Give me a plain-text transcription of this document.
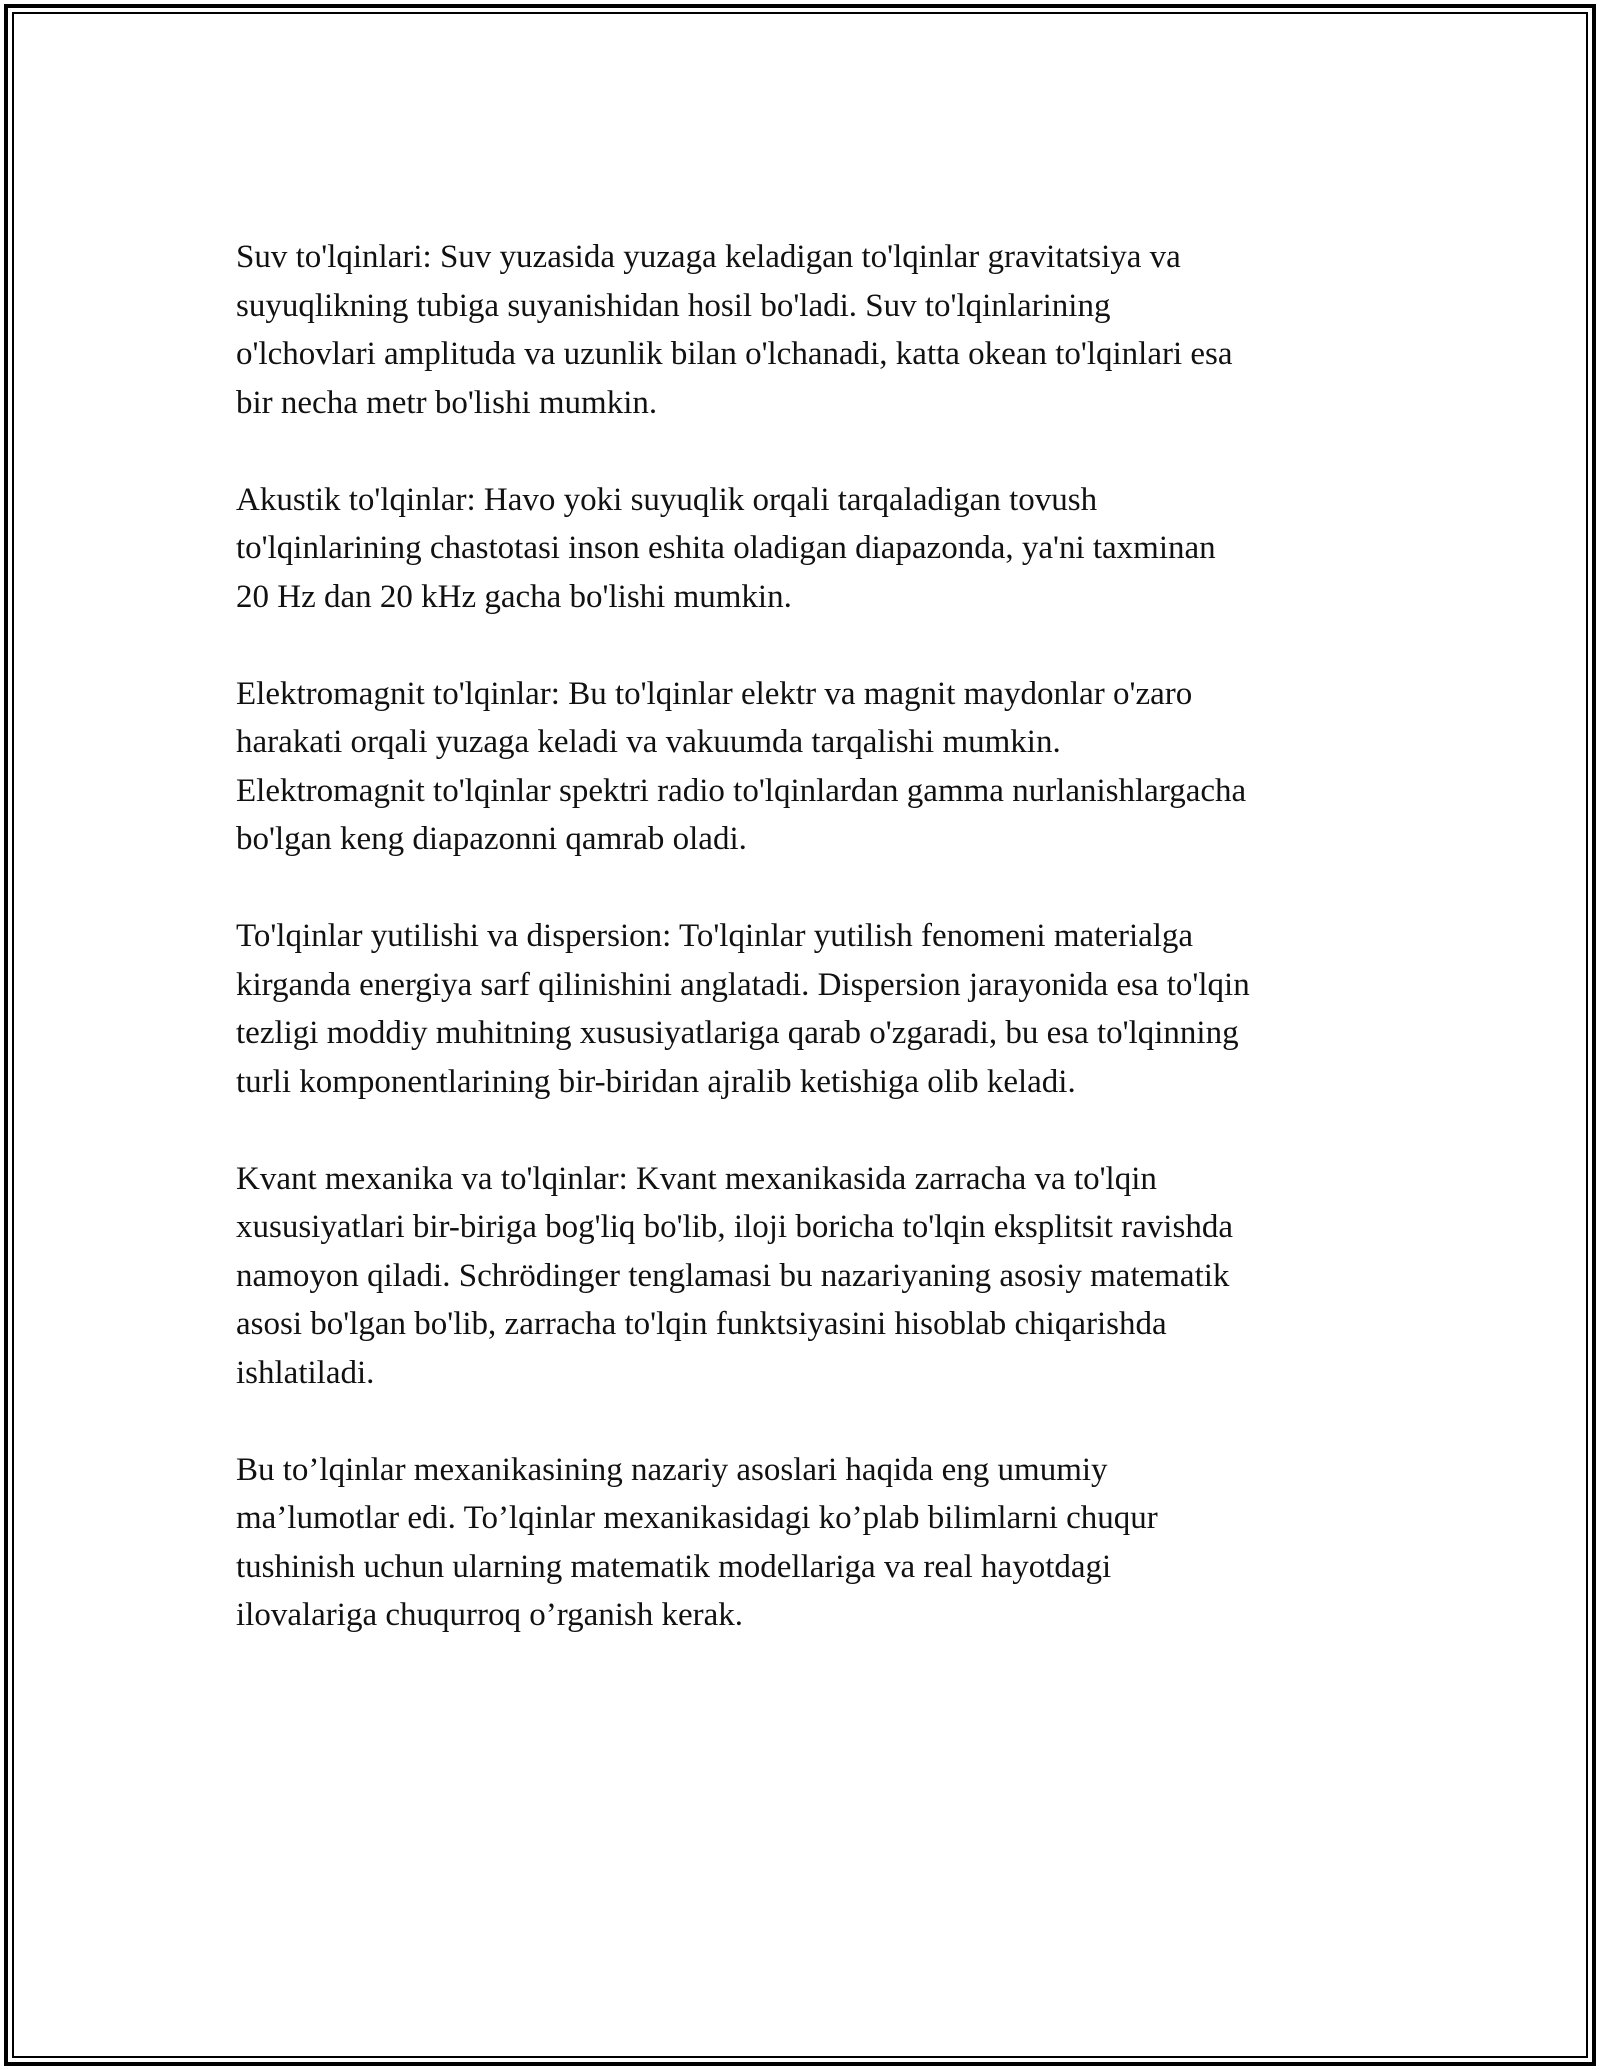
Suv to'lqinlari: Suv yuzasida yuzaga keladigan to'lqinlar gravitatsiya va
suyuqlikning tubiga suyanishidan hosil bo'ladi. Suv to'lqinlarining
o'lchovlari amplituda va uzunlik bilan o'lchanadi, katta okean to'lqinlari esa
bir necha metr bo'lishi mumkin.

Akustik to'lqinlar: Havo yoki suyuqlik orqali tarqaladigan tovush
to'lqinlarining chastotasi inson eshita oladigan diapazonda, ya'ni taxminan
20 Hz dan 20 kHz gacha bo'lishi mumkin.

Elektromagnit to'lqinlar: Bu to'lqinlar elektr va magnit maydonlar o'zaro
harakati orqali yuzaga keladi va vakuumda tarqalishi mumkin.
Elektromagnit to'lqinlar spektri radio to'lqinlardan gamma nurlanishlargacha
bo'lgan keng diapazonni qamrab oladi.

To'lqinlar yutilishi va dispersion: To'lqinlar yutilish fenomeni materialga
kirganda energiya sarf qilinishini anglatadi. Dispersion jarayonida esa to'lqin
tezligi moddiy muhitning xususiyatlariga qarab o'zgaradi, bu esa to'lqinning
turli komponentlarining bir-biridan ajralib ketishiga olib keladi.

Kvant mexanika va to'lqinlar: Kvant mexanikasida zarracha va to'lqin
xususiyatlari bir-biriga bog'liq bo'lib, iloji boricha to'lqin eksplitsit ravishda
namoyon qiladi. Schrödinger tenglamasi bu nazariyaning asosiy matematik
asosi bo'lgan bo'lib, zarracha to'lqin funktsiyasini hisoblab chiqarishda
ishlatiladi.

Bu to’lqinlar mexanikasining nazariy asoslari haqida eng umumiy
ma’lumotlar edi. To’lqinlar mexanikasidagi ko’plab bilimlarni chuqur
tushinish uchun ularning matematik modellariga va real hayotdagi
ilovalariga chuqurroq o’rganish kerak.
